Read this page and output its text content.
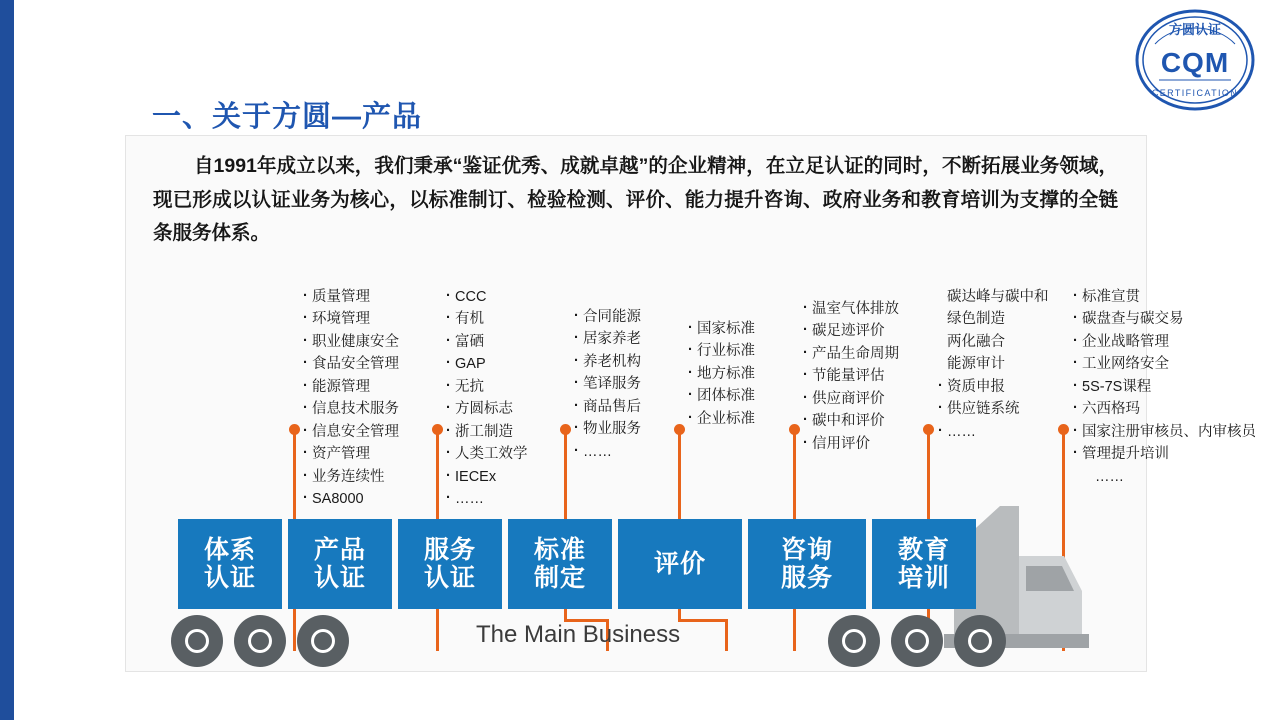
方圆认证
CQM
CERTIFICATION
一、关于方圆—产品
自1991年成立以来，我们秉承“鉴证优秀、成就卓越”的企业精神，在立足认证的同时，不断拓展业务领域，现已形成以认证业务为核心，以标准制订、检验检测、评价、能力提升咨询、政府业务和教育培训为支撑的全链条服务体系。
· 质量管理
· 环境管理
· 职业健康安全
· 食品安全管理
· 能源管理
· 信息技术服务
· 信息安全管理
· 资产管理
· 业务连续性
· SA8000
· CCC
· 有机
· 富硒
· GAP
· 无抗
· 方圆标志
· 浙工制造
· 人类工效学
· IECEx
· ……
· 合同能源
· 居家养老
· 养老机构
· 笔译服务
· 商品售后
· 物业服务
· ……
· 国家标准
· 行业标准
· 地方标准
· 团体标准
· 企业标准
· 温室气体排放
· 碳足迹评价
· 产品生命周期
· 节能量评估
· 供应商评价
· 碳中和评价
· 信用评价
碳达峰与碳中和
绿色制造
两化融合
能源审计
· 资质申报
· 供应链系统
· ……
· 标准宣贯
· 碳盘查与碳交易
· 企业战略管理
· 工业网络安全
· 5S-7S课程
· 六西格玛
· 国家注册审核员、内审核员
· 管理提升培训
……
体系
认证
产品
认证
服务
认证
标准
制定	评价	咨询
服务
教育
培训
The Main Business
